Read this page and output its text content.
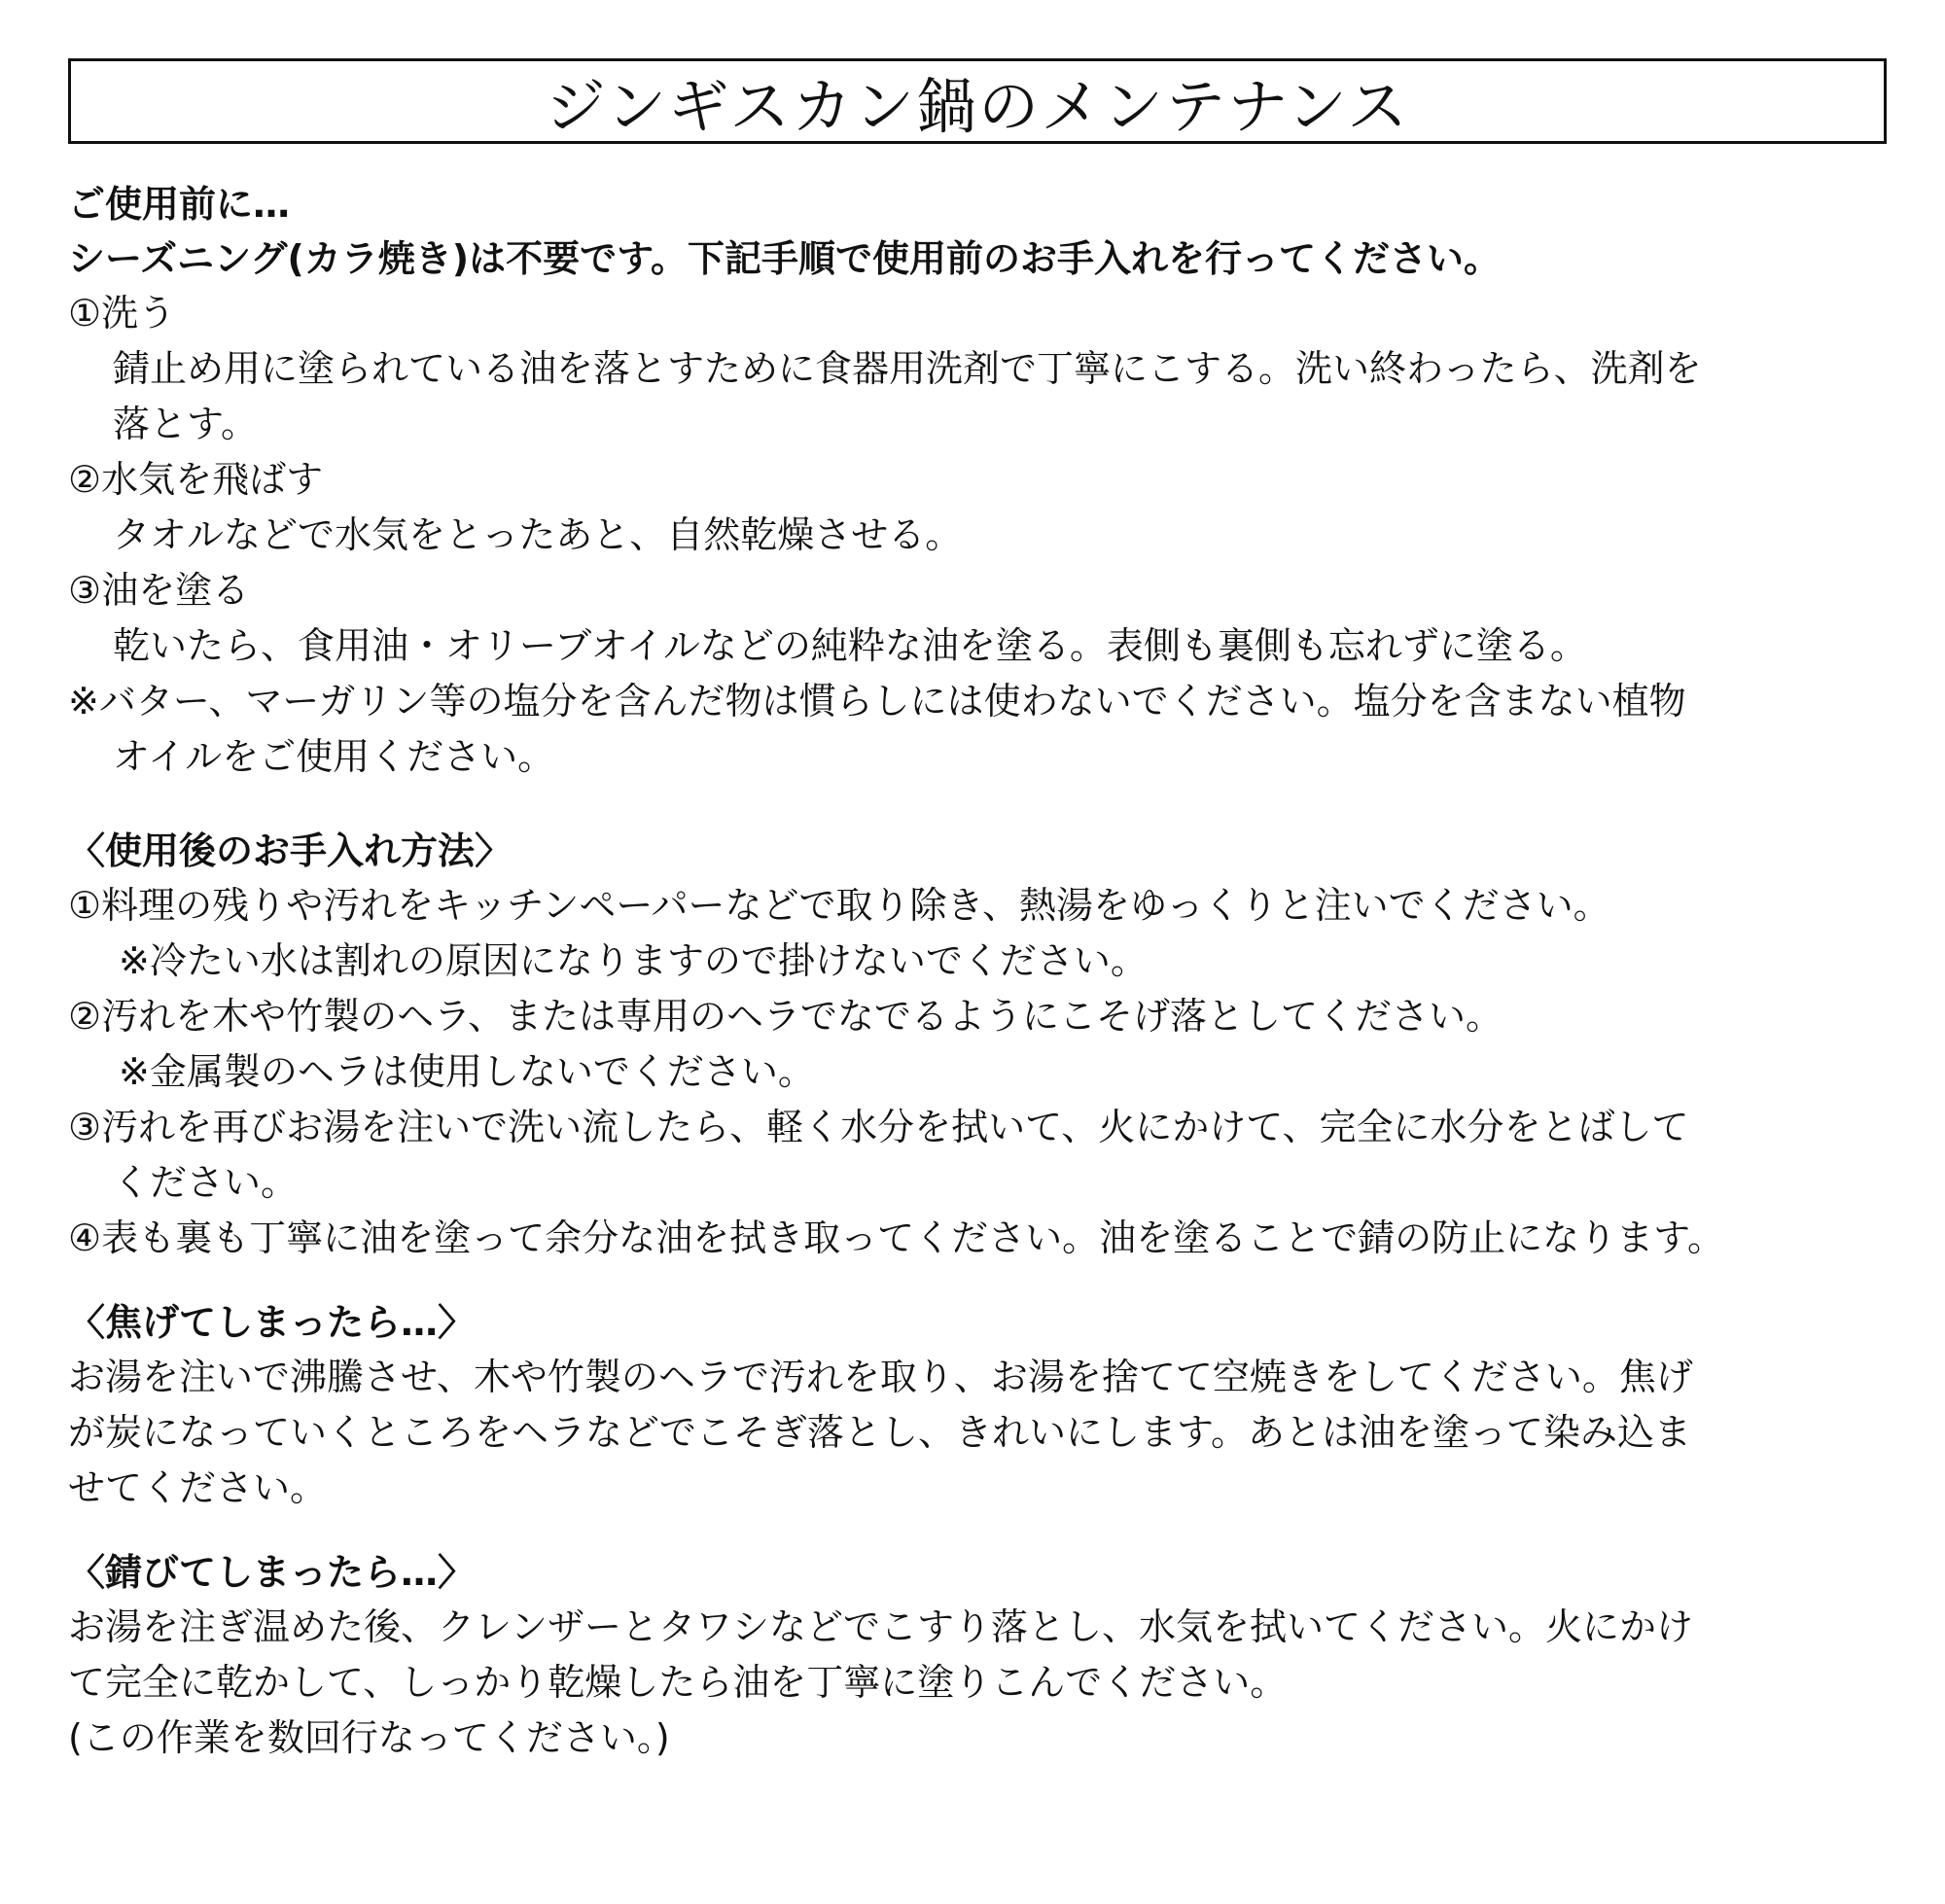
ジンギスカン鍋のメンテナンス
ご使用前に…
シーズニング(カラ焼き)は不要です。下記手順で使用前のお手入れを行ってください。
①洗う
錆止め用に塗られている油を落とすために食器用洗剤で丁寧にこする。洗い終わったら、洗剤を
落とす。
②水気を飛ばす
タオルなどで水気をとったあと、自然乾燥させる。
③油を塗る
乾いたら、食用油・オリーブオイルなどの純粋な油を塗る。表側も裏側も忘れずに塗る。
※バター、マーガリン等の塩分を含んだ物は慣らしには使わないでください。塩分を含まない植物
オイルをご使用ください。
〈使用後のお手入れ方法〉
①料理の残りや汚れをキッチンペーパーなどで取り除き、熱湯をゆっくりと注いでください。
※冷たい水は割れの原因になりますので掛けないでください。
②汚れを木や竹製のヘラ、または専用のヘラでなでるようにこそげ落としてください。
※金属製のヘラは使用しないでください。
③汚れを再びお湯を注いで洗い流したら、軽く水分を拭いて、火にかけて、完全に水分をとばして
ください。
④表も裏も丁寧に油を塗って余分な油を拭き取ってください。油を塗ることで錆の防止になります。
〈焦げてしまったら…〉
お湯を注いで沸騰させ、木や竹製のヘラで汚れを取り、お湯を捨てて空焼きをしてください。焦げ
が炭になっていくところをヘラなどでこそぎ落とし、きれいにします。あとは油を塗って染み込ま
せてください。
〈錆びてしまったら…〉
お湯を注ぎ温めた後、クレンザーとタワシなどでこすり落とし、水気を拭いてください。火にかけ
て完全に乾かして、しっかり乾燥したら油を丁寧に塗りこんでください。
(この作業を数回行なってください。)
